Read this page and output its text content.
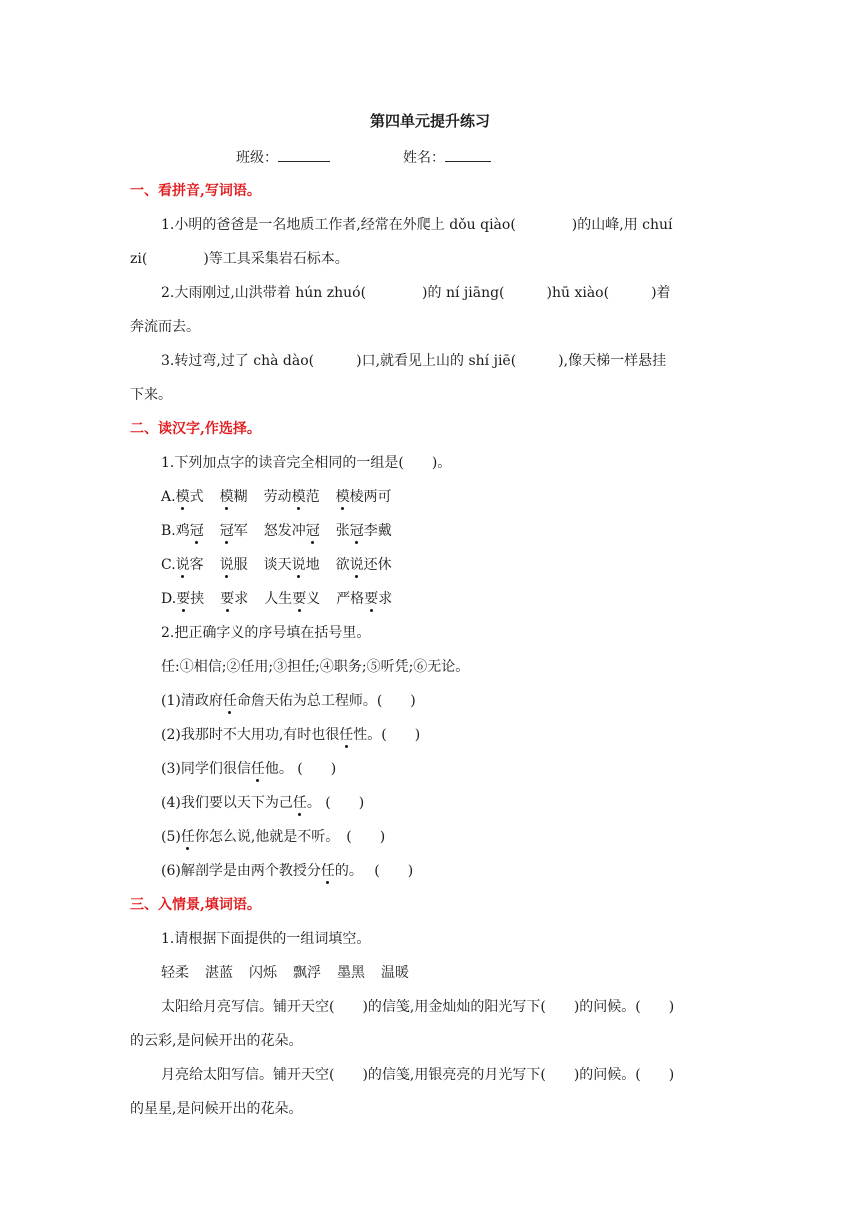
第四单元提升练习
班级：	姓名：
一、看拼音,写词语。
1.小明的爸爸是一名地质工作者,经常在外爬上 dǒu qiào(　　　　)的山峰,用 chuí
zi(　　　　)等工具采集岩石标本。
2.大雨刚过,山洪带着 hún zhuó(　　　　)的 ní jiāng(　　　)hū xiào(　　　)着
奔流而去。
3.转过弯,过了 chà dào(　　　)口,就看见上山的 shí jiē(　　　),像天梯一样悬挂
下来。
二、读汉字,作选择。
1.下列加点字的读音完全相同的一组是(　　)。
A.模式 模糊 劳动模范 模棱两可
B.鸡冠 冠军 怒发冲冠 张冠李戴
C.说客 说服 谈天说地 欲说还休
D.要挟 要求 人生要义 严格要求
2.把正确字义的序号填在括号里。
任:①相信;②任用;③担任;④职务;⑤听凭;⑥无论。
(1)清政府任命詹天佑为总工程师。(　　)
(2)我那时不大用功,有时也很任性。(　　)
(3)同学们很信任他。 (　　)
(4)我们要以天下为己任。 (　　)
(5)任你怎么说,他就是不听。　(　　)
(6)解剖学是由两个教授分任的。　 (　　)
三、入情景,填词语。
1.请根据下面提供的一组词填空。
轻柔 湛蓝 闪烁 飘浮 墨黑 温暖
太阳给月亮写信。铺开天空(　　)的信笺,用金灿灿的阳光写下(　　)的问候。(　　)
的云彩,是问候开出的花朵。
月亮给太阳写信。铺开天空(　　)的信笺,用银亮亮的月光写下(　　)的问候。(　　)
的星星,是问候开出的花朵。
